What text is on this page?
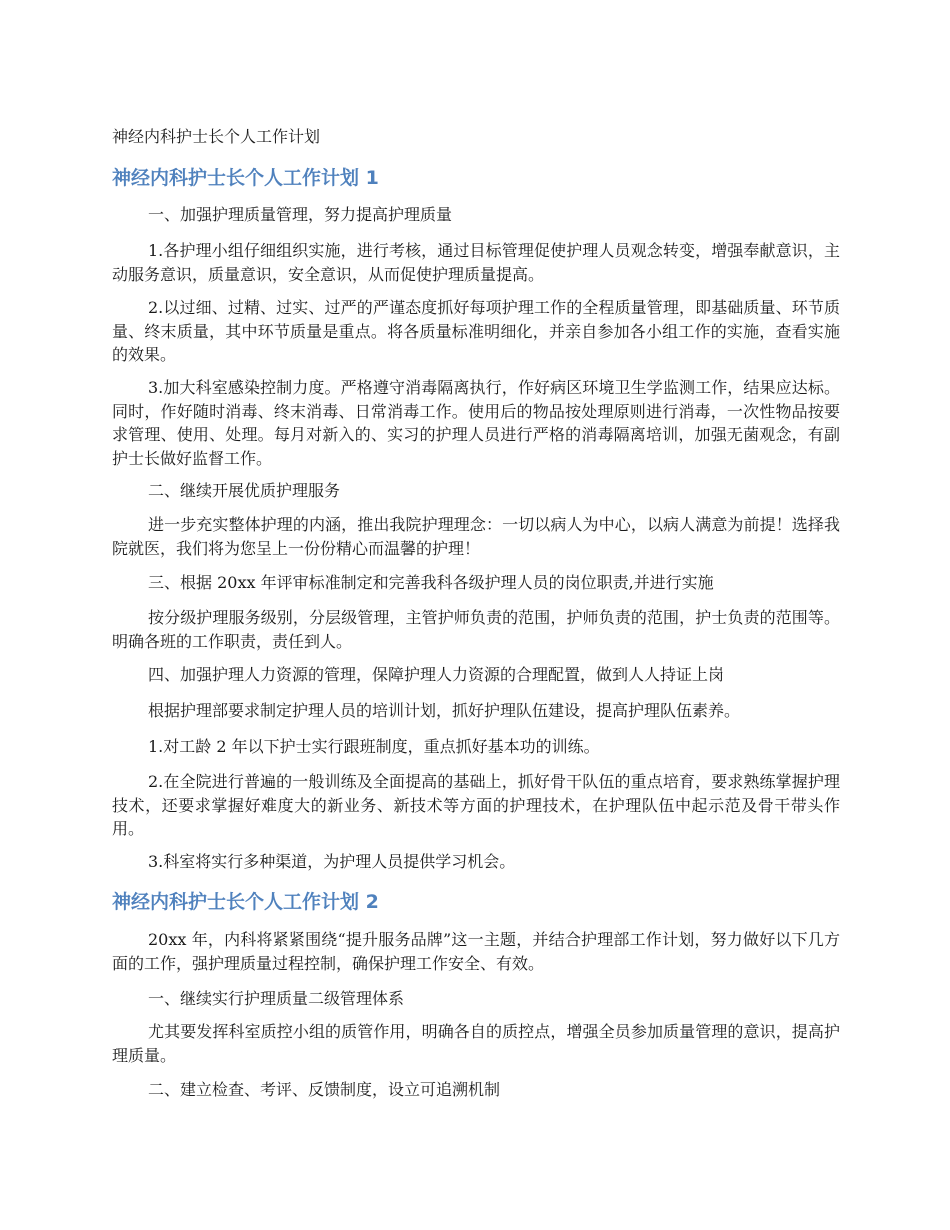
神经内科护士长个人工作计划
神经内科护士长个人工作计划 1

一、加强护理质量管理，努力提高护理质量

1.各护理小组仔细组织实施，进行考核，通过目标管理促使护理人员观念转变，增强奉献意识，主动服务意识，质量意识，安全意识，从而促使护理质量提高。

2.以过细、过精、过实、过严的严谨态度抓好每项护理工作的全程质量管理，即基础质量、环节质量、终末质量，其中环节质量是重点。将各质量标准明细化，并亲自参加各小组工作的实施，查看实施的效果。

3.加大科室感染控制力度。严格遵守消毒隔离执行，作好病区环境卫生学监测工作，结果应达标。同时，作好随时消毒、终末消毒、日常消毒工作。使用后的物品按处理原则进行消毒，一次性物品按要求管理、使用、处理。每月对新入的、实习的护理人员进行严格的消毒隔离培训，加强无菌观念，有副护士长做好监督工作。

二、继续开展优质护理服务

进一步充实整体护理的内涵，推出我院护理理念：一切以病人为中心，以病人满意为前提！选择我院就医，我们将为您呈上一份份精心而温馨的护理！

三、根据 20xx 年评审标准制定和完善我科各级护理人员的岗位职责,并进行实施

按分级护理服务级别，分层级管理，主管护师负责的范围，护师负责的范围，护士负责的范围等。明确各班的工作职责，责任到人。

四、加强护理人力资源的管理，保障护理人力资源的合理配置，做到人人持证上岗

根据护理部要求制定护理人员的培训计划，抓好护理队伍建设，提高护理队伍素养。

1.对工龄 2 年以下护士实行跟班制度，重点抓好基本功的训练。

2.在全院进行普遍的一般训练及全面提高的基础上，抓好骨干队伍的重点培育，要求熟练掌握护理技术，还要求掌握好难度大的新业务、新技术等方面的护理技术，在护理队伍中起示范及骨干带头作用。

3.科室将实行多种渠道，为护理人员提供学习机会。

神经内科护士长个人工作计划 2

20xx 年，内科将紧紧围绕“提升服务品牌”这一主题，并结合护理部工作计划，努力做好以下几方面的工作，强护理质量过程控制，确保护理工作安全、有效。

一、继续实行护理质量二级管理体系

尤其要发挥科室质控小组的质管作用，明确各自的质控点，增强全员参加质量管理的意识，提高护理质量。

二、建立检查、考评、反馈制度，设立可追溯机制
